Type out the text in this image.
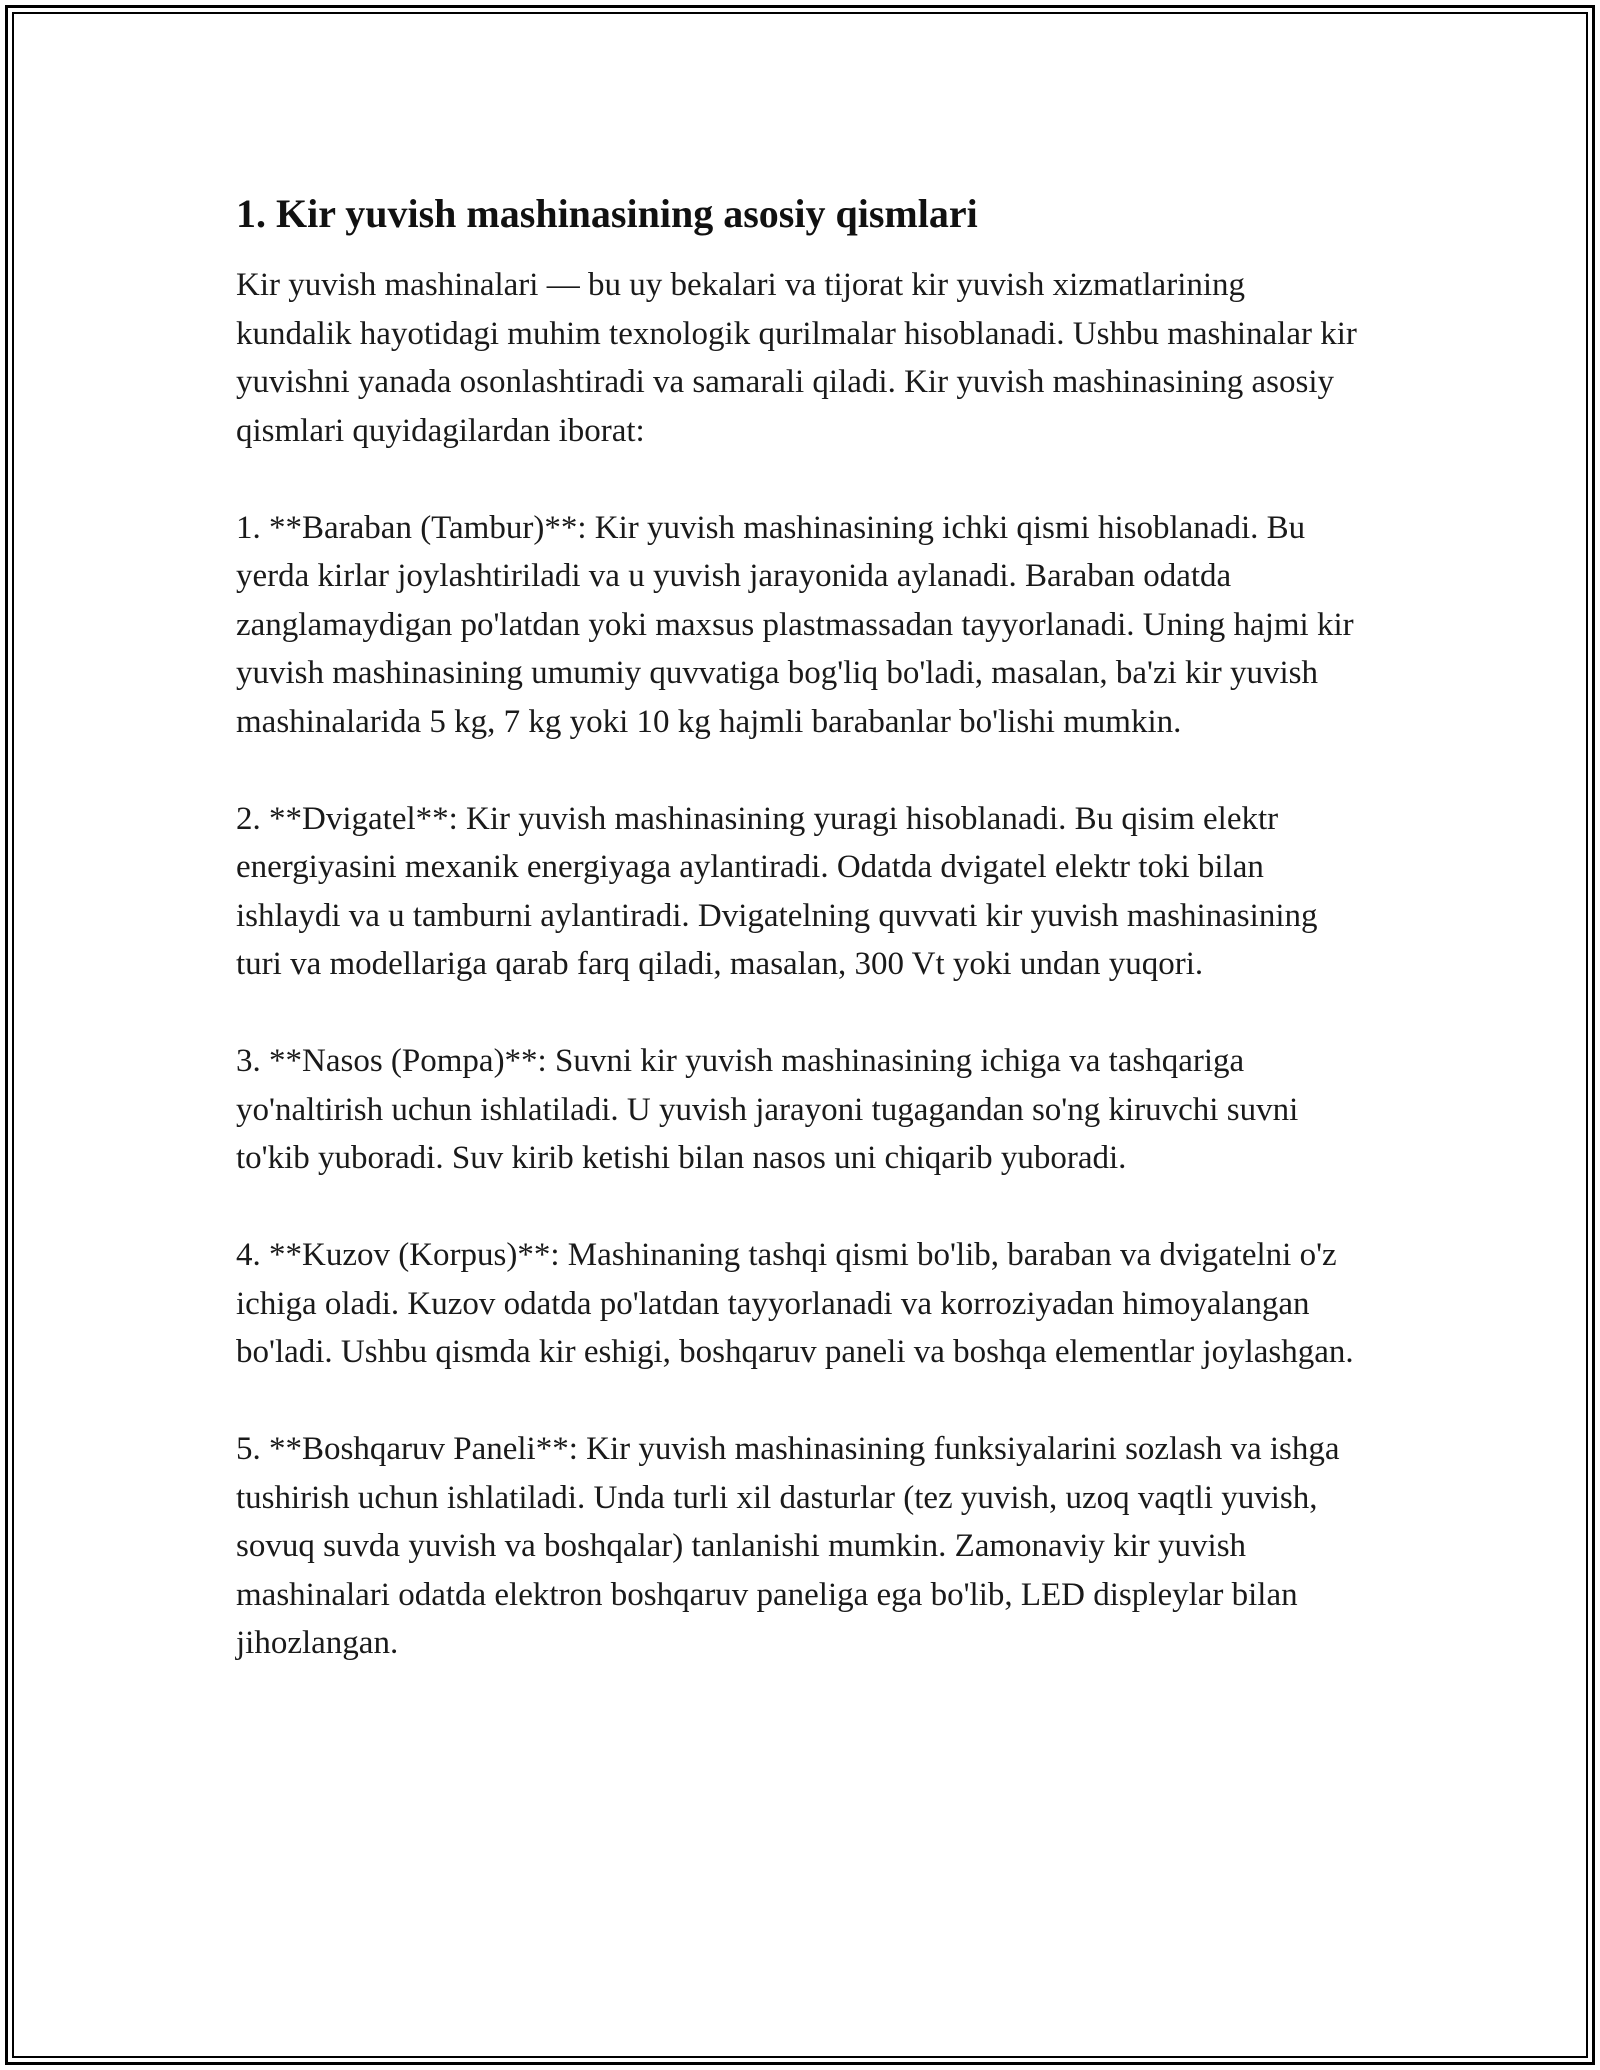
1. Kir yuvish mashinasining asosiy qismlari

Kir yuvish mashinalari — bu uy bekalari va tijorat kir yuvish xizmatlarining kundalik hayotidagi muhim texnologik qurilmalar hisoblanadi. Ushbu mashinalar kir yuvishni yanada osonlashtiradi va samarali qiladi. Kir yuvish mashinasining asosiy qismlari quyidagilardan iborat:

1. **Baraban (Tambur)**: Kir yuvish mashinasining ichki qismi hisoblanadi. Bu yerda kirlar joylashtiriladi va u yuvish jarayonida aylanadi. Baraban odatda zanglamaydigan po'latdan yoki maxsus plastmassadan tayyorlanadi. Uning hajmi kir yuvish mashinasining umumiy quvvatiga bog'liq bo'ladi, masalan, ba'zi kir yuvish mashinalarida 5 kg, 7 kg yoki 10 kg hajmli barabanlar bo'lishi mumkin.

2. **Dvigatel**: Kir yuvish mashinasining yuragi hisoblanadi. Bu qisim elektr energiyasini mexanik energiyaga aylantiradi. Odatda dvigatel elektr toki bilan ishlaydi va u tamburni aylantiradi. Dvigatelning quvvati kir yuvish mashinasining turi va modellariga qarab farq qiladi, masalan, 300 Vt yoki undan yuqori.

3. **Nasos (Pompa)**: Suvni kir yuvish mashinasining ichiga va tashqariga yo'naltirish uchun ishlatiladi. U yuvish jarayoni tugagandan so'ng kiruvchi suvni to'kib yuboradi. Suv kirib ketishi bilan nasos uni chiqarib yuboradi.

4. **Kuzov (Korpus)**: Mashinaning tashqi qismi bo'lib, baraban va dvigatelni o'z ichiga oladi. Kuzov odatda po'latdan tayyorlanadi va korroziyadan himoyalangan bo'ladi. Ushbu qismda kir eshigi, boshqaruv paneli va boshqa elementlar joylashgan.

5. **Boshqaruv Paneli**: Kir yuvish mashinasining funksiyalarini sozlash va ishga tushirish uchun ishlatiladi. Unda turli xil dasturlar (tez yuvish, uzoq vaqtli yuvish, sovuq suvda yuvish va boshqalar) tanlanishi mumkin. Zamonaviy kir yuvish mashinalari odatda elektron boshqaruv paneliga ega bo'lib, LED displeylar bilan jihozlangan.
